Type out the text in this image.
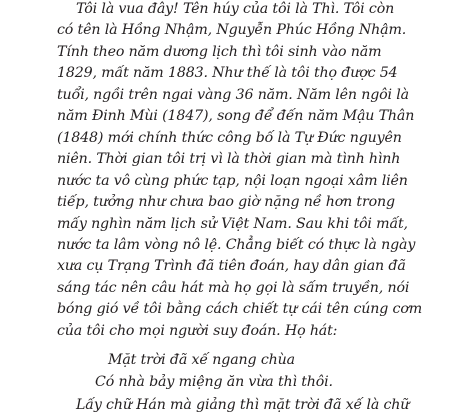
Tôi là vua đây! Tên húy của tôi là Thì. Tôi còn
có tên là Hồng Nhậm, Nguyễn Phúc Hồng Nhậm.
Tính theo năm dương lịch thì tôi sinh vào năm
1829, mất năm 1883. Như thế là tôi thọ được 54
tuổi, ngồi trên ngai vàng 36 năm. Năm lên ngôi là
năm Đinh Mùi (1847), song để đến năm Mậu Thân
(1848) mới chính thức công bố là Tự Đức nguyên
niên. Thời gian tôi trị vì là thời gian mà tình hình
nước ta vô cùng phức tạp, nội loạn ngoại xâm liên
tiếp, tưởng như chưa bao giờ nặng nề hơn trong
mấy nghìn năm lịch sử Việt Nam. Sau khi tôi mất,
nước ta lâm vòng nô lệ. Chẳng biết có thực là ngày
xưa cụ Trạng Trình đã tiên đoán, hay dân gian đã
sáng tác nên câu hát mà họ gọi là sấm truyền, nói
bóng gió về tôi bằng cách chiết tự cái tên cúng cơm
của tôi cho mọi người suy đoán. Họ hát:
Mặt trời đã xế ngang chùa
Có nhà bảy miệng ăn vừa thì thôi.
Lấy chữ Hán mà giảng thì mặt trời đã xế là chữ
